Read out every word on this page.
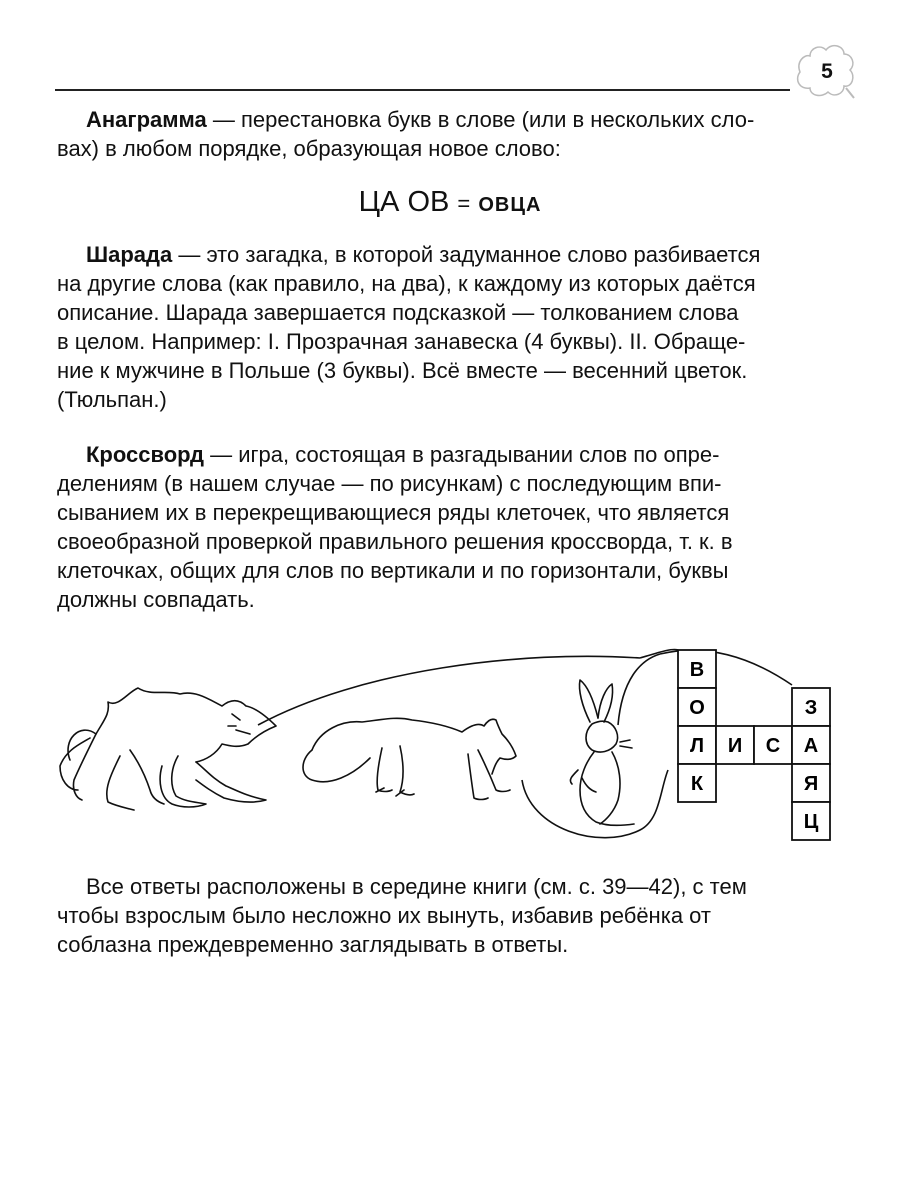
5

Анаграмма — перестановка букв в слове (или в нескольких сло-

вах) в любом порядке, образующая новое слово:

ЦА ОВ = ОВЦА

Шарада — это загадка, в которой задуманное слово разбивается

на другие слова (как правило, на два), к каждому из которых даётся

описание. Шарада завершается подсказкой — толкованием слова

в целом. Например: I. Прозрачная занавеска (4 буквы). II. Обраще-

ние к мужчине в Польше (3 буквы). Всё вместе — весенний цветок.

(Тюльпан.)

Кроссворд — игра, состоящая в разгадывании слов по опре-

делениям (в нашем случае — по рисункам) с последующим впи-

сыванием их в перекрещивающиеся ряды клеточек, что является

своеобразной проверкой правильного решения кроссворда, т. к. в

клеточках, общих для слов по вертикали и по горизонтали, буквы

должны совпадать.

В
О
Л
К
И С
З
А
Я
Ц

Все ответы расположены в середине книги (см. с. 39—42), с тем

чтобы взрослым было несложно их вынуть, избавив ребёнка от

соблазна преждевременно заглядывать в ответы.
